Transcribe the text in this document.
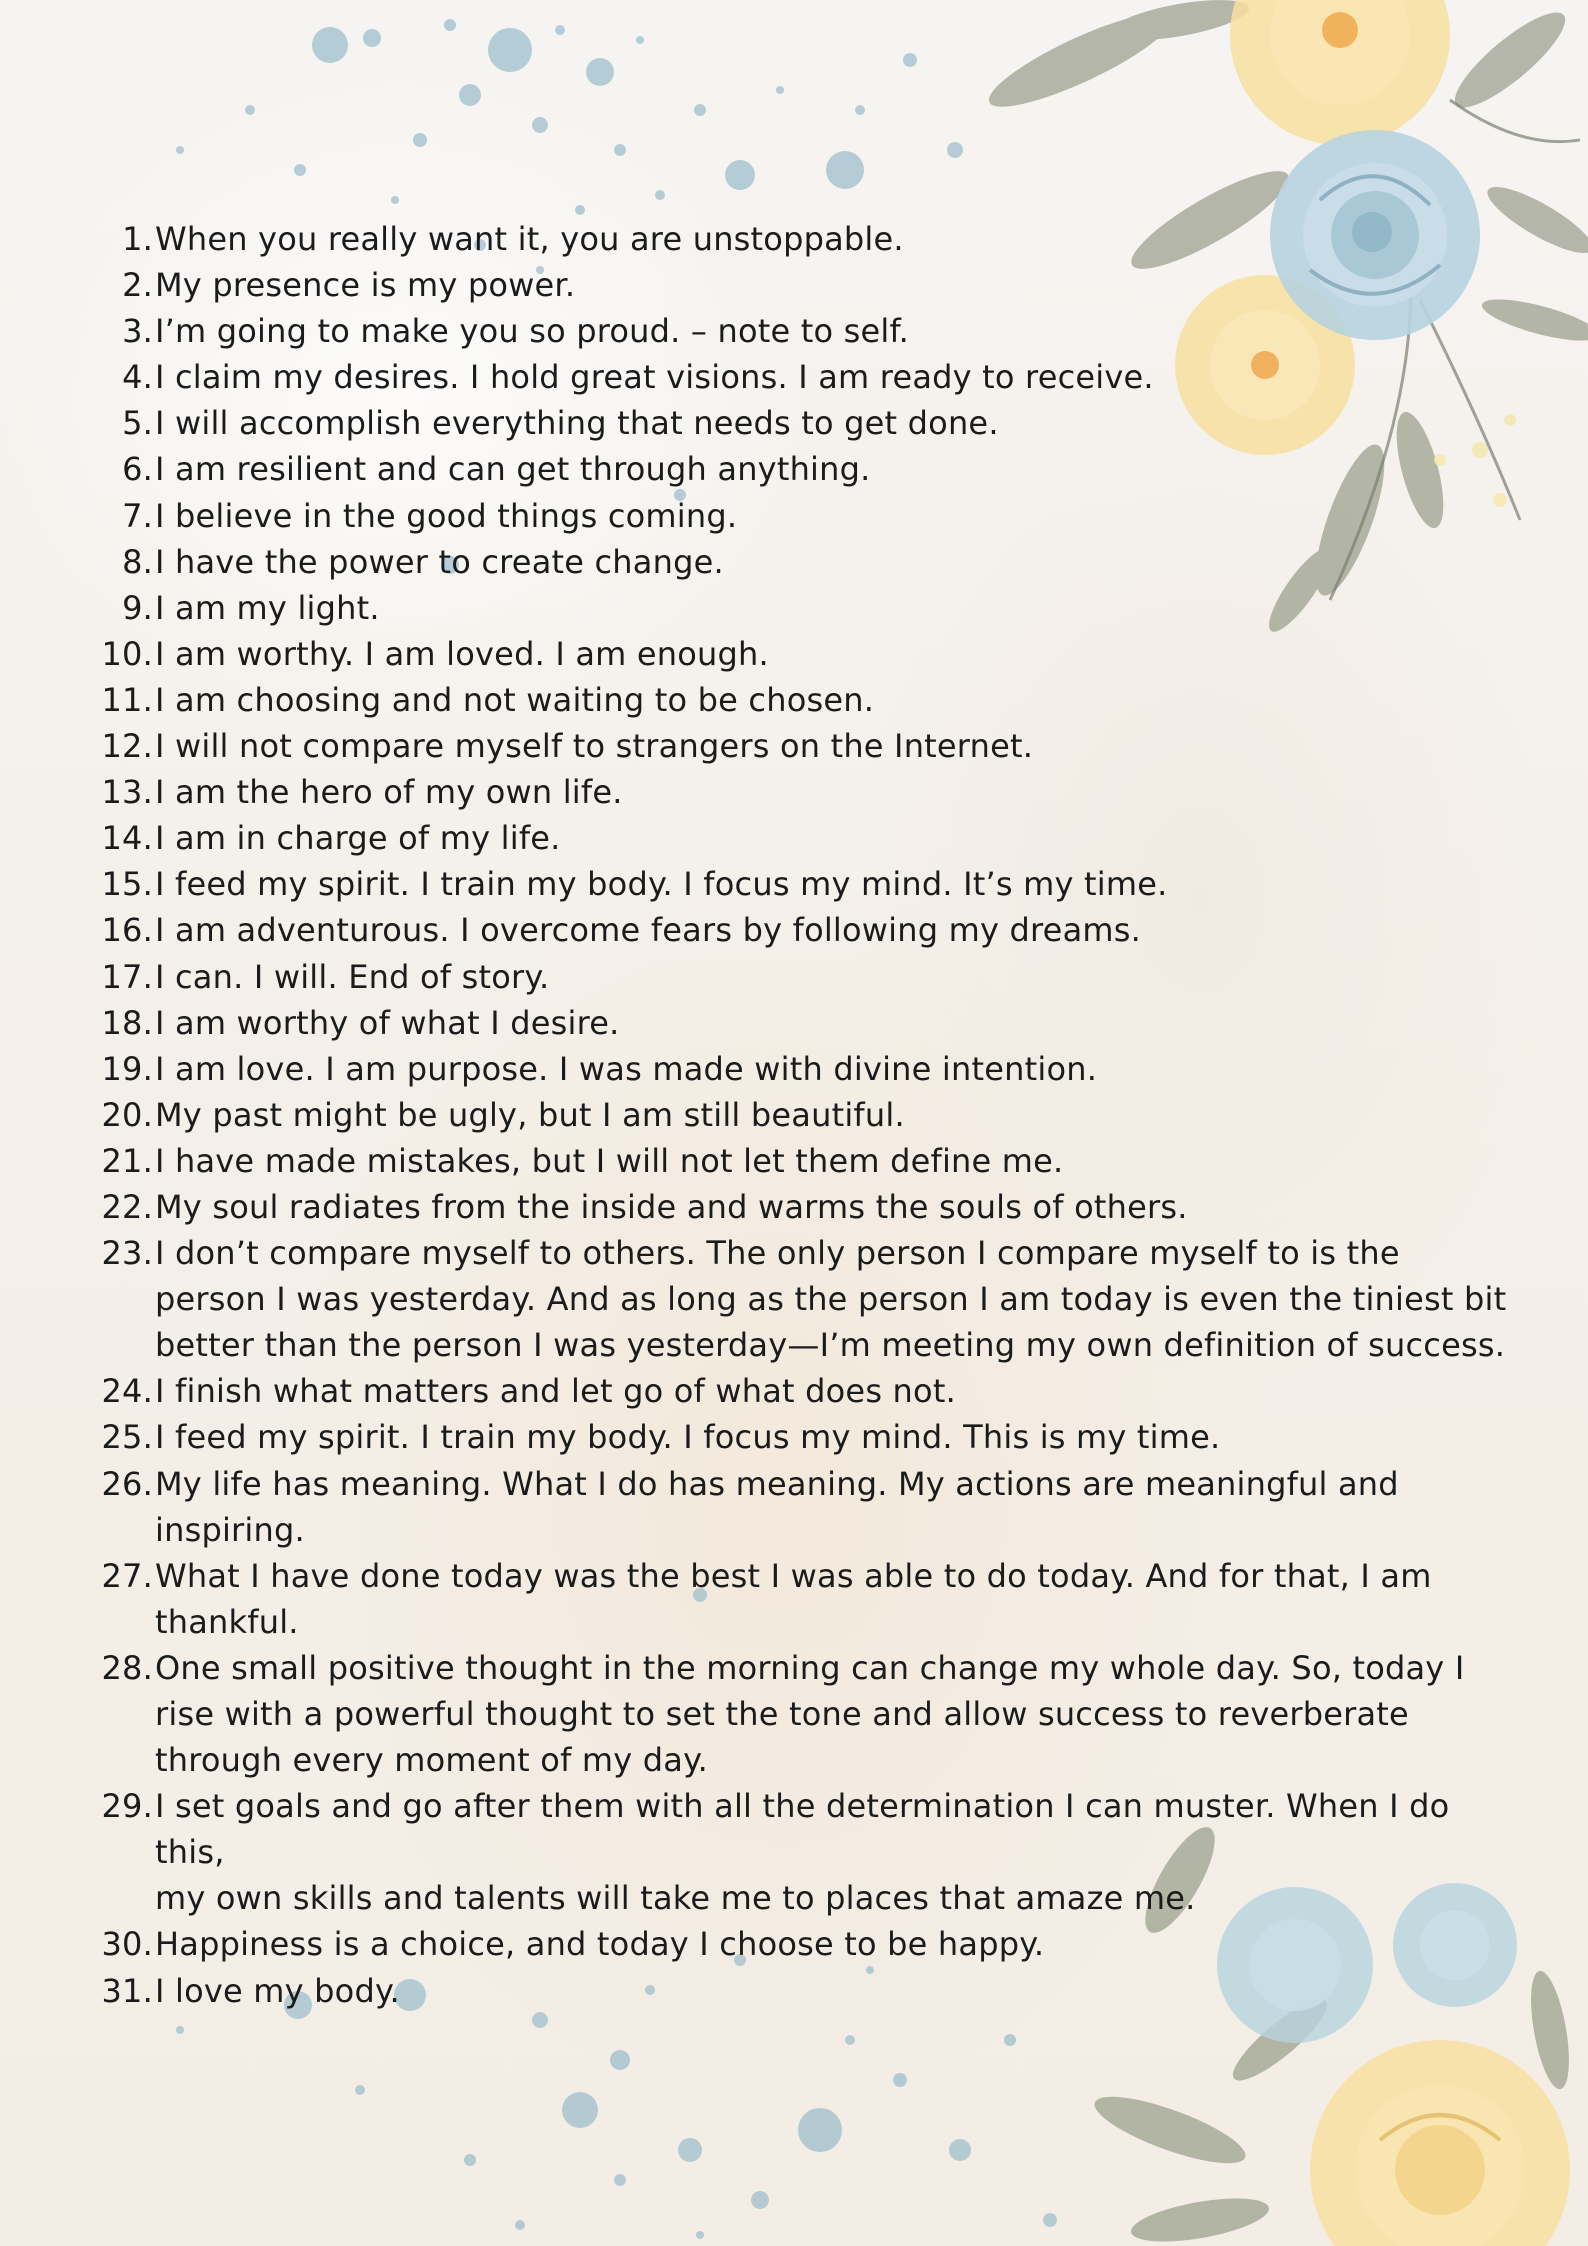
1. When you really want it, you are unstoppable.
2. My presence is my power.
3. I’m going to make you so proud. – note to self.
4. I claim my desires. I hold great visions. I am ready to receive.
5. I will accomplish everything that needs to get done.
6. I am resilient and can get through anything.
7. I believe in the good things coming.
8. I have the power to create change.
9. I am my light.
10. I am worthy. I am loved. I am enough.
11. I am choosing and not waiting to be chosen.
12. I will not compare myself to strangers on the Internet.
13. I am the hero of my own life.
14. I am in charge of my life.
15. I feed my spirit. I train my body. I focus my mind. It’s my time.
16. I am adventurous. I overcome fears by following my dreams.
17. I can. I will. End of story.
18. I am worthy of what I desire.
19. I am love. I am purpose. I was made with divine intention.
20. My past might be ugly, but I am still beautiful.
21. I have made mistakes, but I will not let them define me.
22. My soul radiates from the inside and warms the souls of others.
23. I don’t compare myself to others. The only person I compare myself to is the
person I was yesterday. And as long as the person I am today is even the tiniest bit
better than the person I was yesterday—I’m meeting my own definition of success.
24. I finish what matters and let go of what does not.
25. I feed my spirit. I train my body. I focus my mind. This is my time.
26. My life has meaning. What I do has meaning. My actions are meaningful and
inspiring.
27. What I have done today was the best I was able to do today. And for that, I am
thankful.
28. One small positive thought in the morning can change my whole day. So, today I
rise with a powerful thought to set the tone and allow success to reverberate
through every moment of my day.
29. I set goals and go after them with all the determination I can muster. When I do this,
my own skills and talents will take me to places that amaze me.
30. Happiness is a choice, and today I choose to be happy.
31. I love my body.
